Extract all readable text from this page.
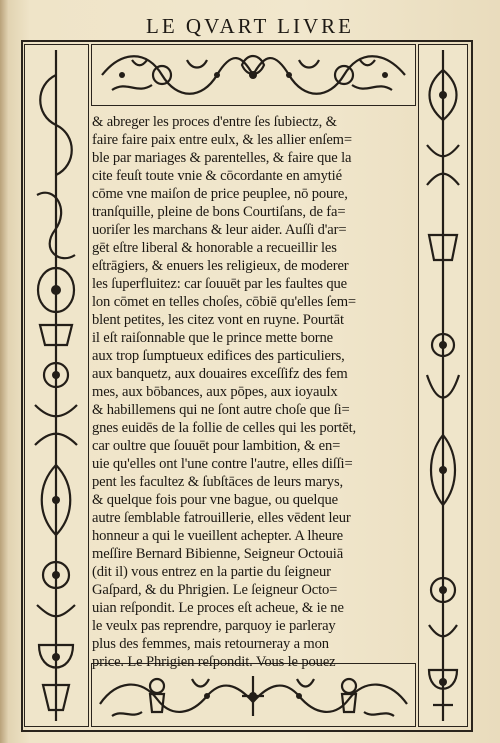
LE QVART LIVRE
& abreger les proces d'entre ſes ſubiectz, &
faire faire paix entre eulx, & les allier enſem=
ble par mariages & parentelles, & faire que la
cite feuſt toute vnie & cōcordante en amytié
cōme vne maiſon de price peuplee, nō poure,
tranſquille, pleine de bons Courtiſans, de fa=
uoriſer les marchans & leur aider. Auſſi d'ar=
gēt eſtre liberal & honorable a recueillir les
eſtrāgiers, & enuers les religieux, de moderer
les ſuperfluitez: car ſouuēt par les faultes que
lon cōmet en telles choſes, cōbiē qu'elles ſem=
blent petites, les citez vont en ruyne. Pourtāt
il eſt raiſonnable que le prince mette borne
aux trop ſumptueux edifices des particuliers,
aux banquetz, aux douaires exceſſifz des fem
mes, aux bōbances, aux pōpes, aux ioyaulx
& habillemens qui ne ſont autre choſe que ſi=
gnes euidēs de la follie de celles qui les portēt,
car oultre que ſouuēt pour lambition, & en=
uie qu'elles ont l'une contre l'autre, elles diſſi=
pent les facultez & ſubſtāces de leurs marys,
& quelque fois pour vne bague, ou quelque
autre ſemblable fatrouillerie, elles vēdent leur
honneur a qui le vueillent achepter. A lheure
meſſire Bernard Bibienne, Seigneur Octouiā
(dit il) vous entrez en la partie du ſeigneur
Gaſpard, & du Phrigien. Le ſeigneur Octo=
uian reſpondit. Le proces eſt acheue, & ie ne
le veulx pas reprendre, parquoy ie parleray
plus des femmes, mais retourneray a mon
price. Le Phrigien reſpondit. Vous le pouez
